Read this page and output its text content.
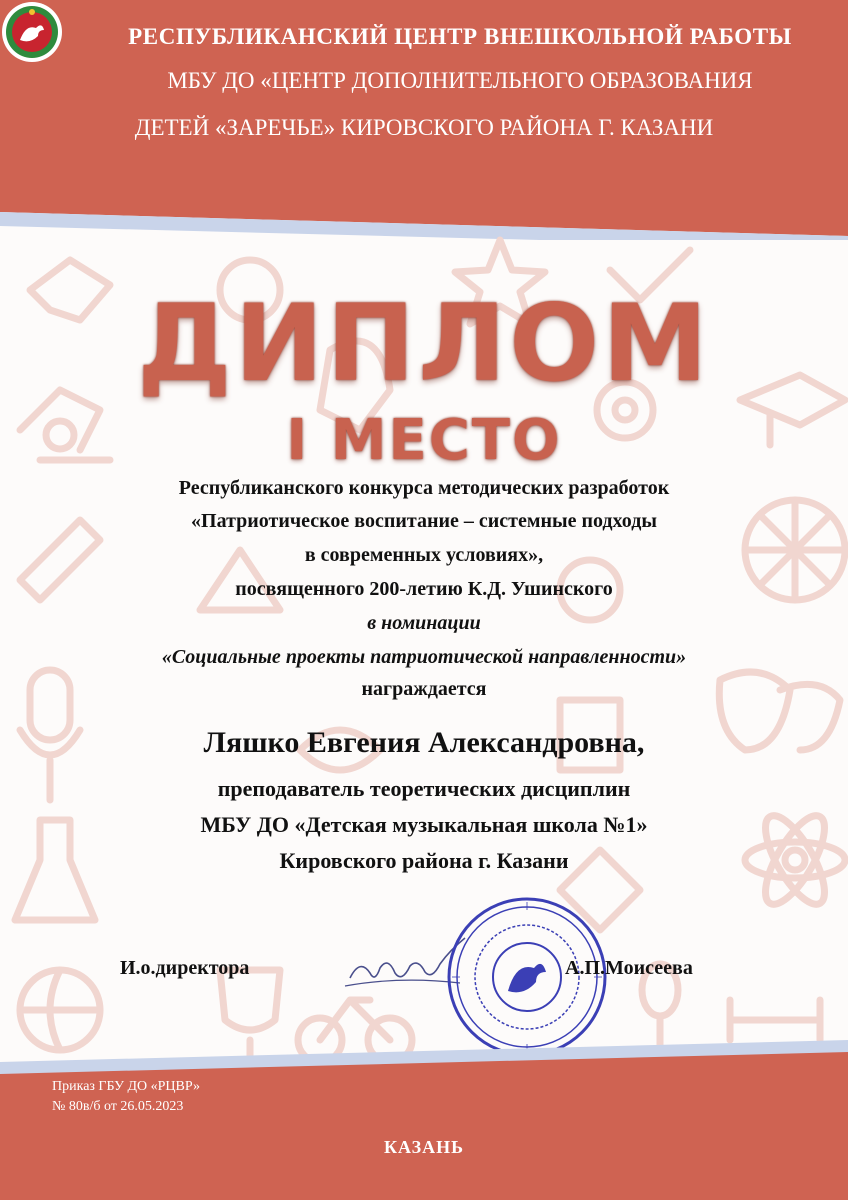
РЕСПУБЛИКАНСКИЙ ЦЕНТР ВНЕШКОЛЬНОЙ РАБОТЫ
МБУ ДО «ЦЕНТР ДОПОЛНИТЕЛЬНОГО ОБРАЗОВАНИЯ
ДЕТЕЙ «ЗАРЕЧЬЕ» КИРОВСКОГО РАЙОНА Г. КАЗАНИ
ДИПЛОМ
I МЕСТО
Республиканского конкурса методических разработок
«Патриотическое воспитание – системные подходы
в современных условиях»,
посвященного 200-летию К.Д. Ушинского
в номинации
«Социальные проекты патриотической направленности»
награждается
Ляшко Евгения Александровна,
преподаватель теоретических дисциплин
МБУ ДО «Детская музыкальная школа №1»
Кировского района г. Казани
И.о.директора	А.П.Моисеева
Приказ ГБУ ДО «РЦВР»
№ 80в/б от 26.05.2023
КАЗАНЬ
